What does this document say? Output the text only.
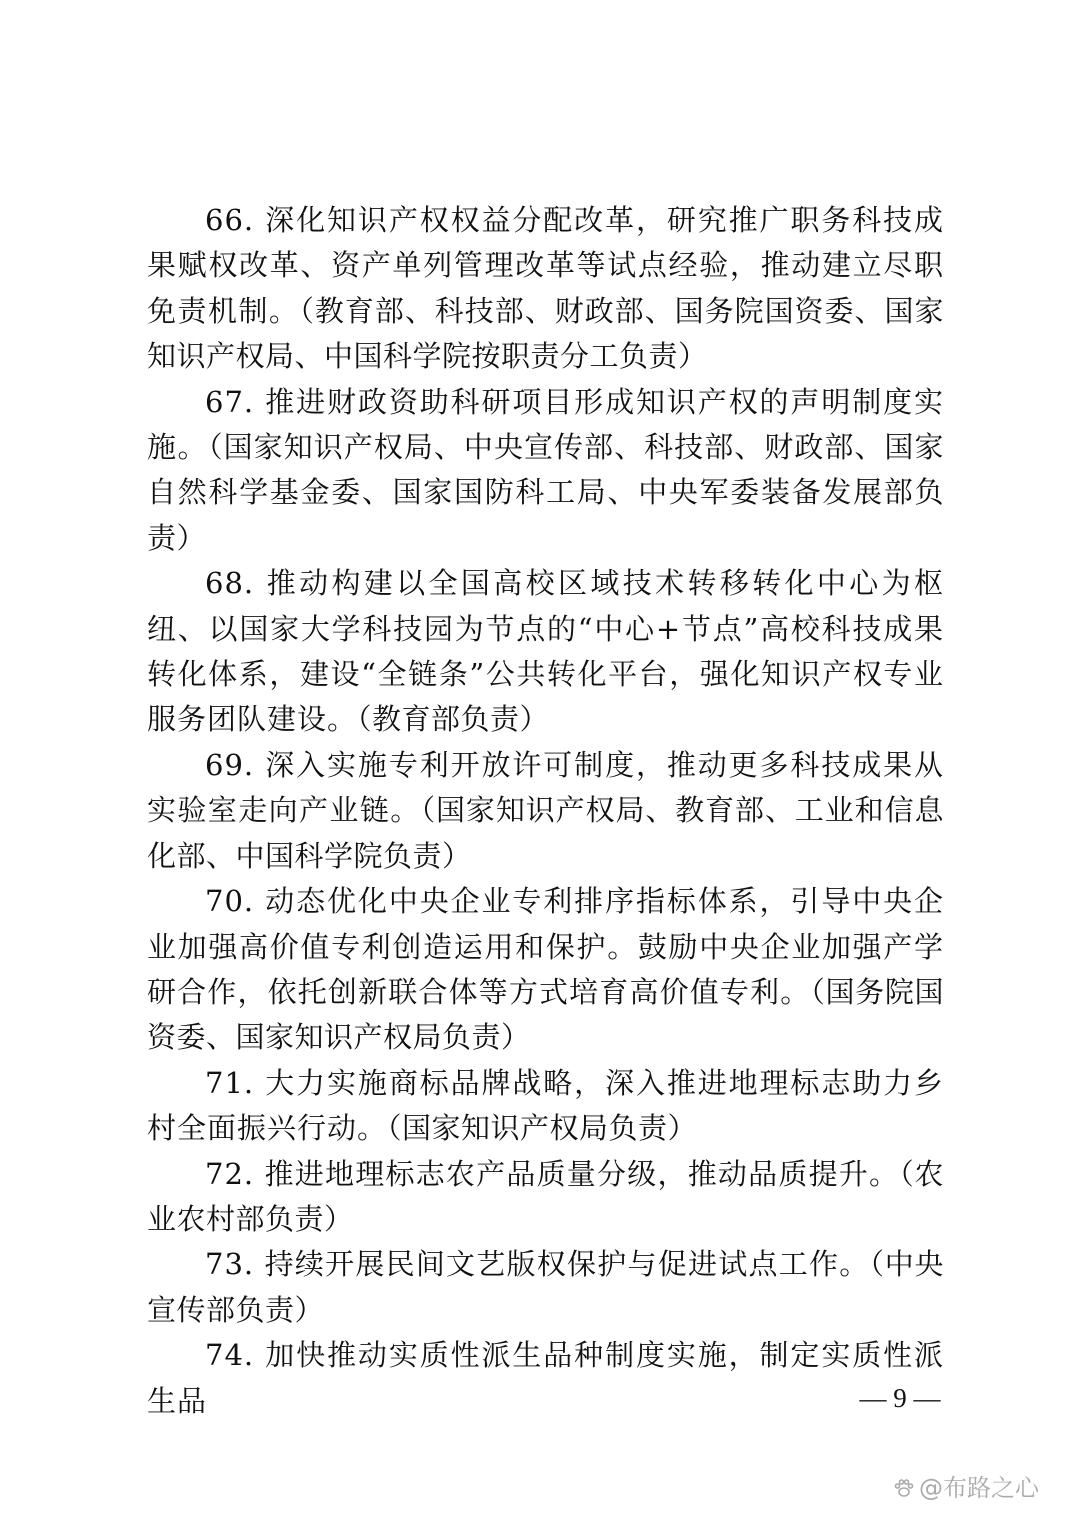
66. 深化知识产权权益分配改革，研究推广职务科技成果赋权改革、资产单列管理改革等试点经验，推动建立尽职免责机制。（教育部、科技部、财政部、国务院国资委、国家知识产权局、中国科学院按职责分工负责）

67. 推进财政资助科研项目形成知识产权的声明制度实施。（国家知识产权局、中央宣传部、科技部、财政部、国家自然科学基金委、国家国防科工局、中央军委装备发展部负责）

68. 推动构建以全国高校区域技术转移转化中心为枢纽、以国家大学科技园为节点的“中心+节点”高校科技成果转化体系，建设“全链条”公共转化平台，强化知识产权专业服务团队建设。（教育部负责）

69. 深入实施专利开放许可制度，推动更多科技成果从实验室走向产业链。（国家知识产权局、教育部、工业和信息化部、中国科学院负责）

70. 动态优化中央企业专利排序指标体系，引导中央企业加强高价值专利创造运用和保护。鼓励中央企业加强产学研合作，依托创新联合体等方式培育高价值专利。（国务院国资委、国家知识产权局负责）

71. 大力实施商标品牌战略，深入推进地理标志助力乡村全面振兴行动。（国家知识产权局负责）

72. 推进地理标志农产品质量分级，推动品质提升。（农业农村部负责）

73. 持续开展民间文艺版权保护与促进试点工作。（中央宣传部负责）

74. 加快推动实质性派生品种制度实施，制定实质性派生品	— 9 —
@布路之心
